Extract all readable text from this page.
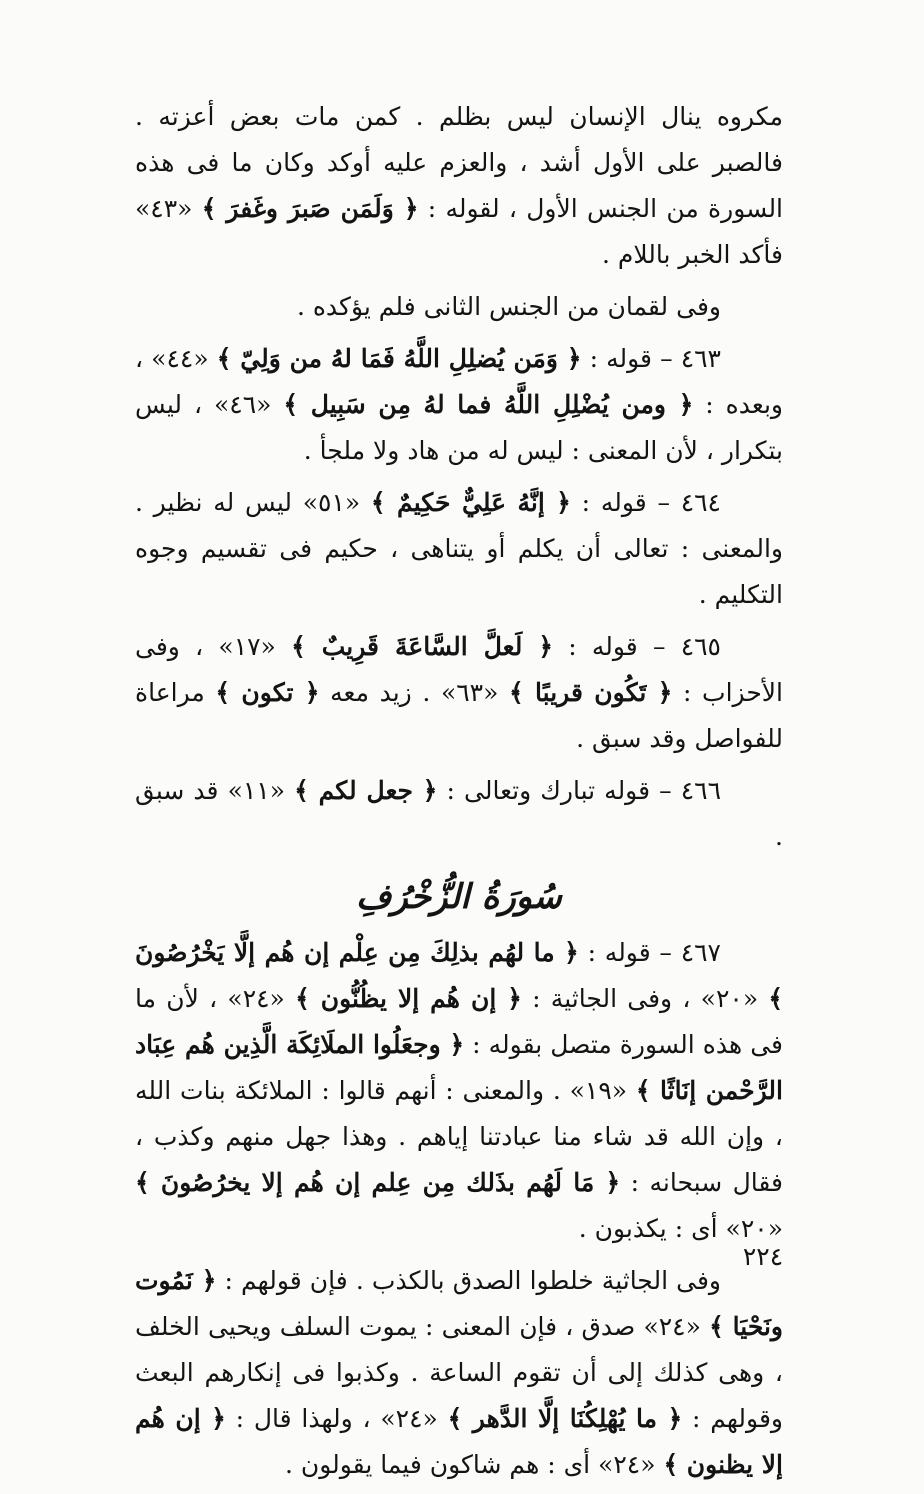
مكروه ينال الإنسان ليس بظلم . كمن مات بعض أعزته . فالصبر على الأول أشد ، والعزم عليه أوكد وكان ما فى هذه السورة من الجنس الأول ، لقوله : ﴿ وَلَمَن صَبرَ وغَفرَ ﴾ «٤٣» فأكد الخبر باللام .

وفى لقمان من الجنس الثانى فلم يؤكده .

٤٦٣ – قوله : ﴿ وَمَن يُضلِلِ اللَّهُ فَمَا لهُ من وَلِيّ ﴾ «٤٤» ، وبعده : ﴿ ومن يُضْلِلِ اللَّهُ فما لهُ مِن سَبِيل ﴾ «٤٦» ، ليس بتكرار ، لأن المعنى : ليس له من هاد ولا ملجأ .

٤٦٤ – قوله : ﴿ إنَّهُ عَلِيٌّ حَكِيمٌ ﴾ «٥١» ليس له نظير . والمعنى : تعالى أن يكلم أو يتناهى ، حكيم فى تقسيم وجوه التكليم .

٤٦٥ – قوله : ﴿ لَعلَّ السَّاعَةَ قَرِيبٌ ﴾ «١٧» ، وفى الأحزاب : ﴿ تَكُون قريبًا ﴾ «٦٣» . زيد معه ﴿ تكون ﴾ مراعاة للفواصل وقد سبق .

٤٦٦ – قوله تبارك وتعالى : ﴿ جعل لكم ﴾ «١١» قد سبق .

سُورَةُ الزُّخْرُفِ

٤٦٧ – قوله : ﴿ ما لهُم بذلِكَ مِن عِلْم إن هُم إلَّا يَخْرُصُونَ ﴾ «٢٠» ، وفى الجاثية : ﴿ إن هُم إلا يظُنُّون ﴾ «٢٤» ، لأن ما فى هذه السورة متصل بقوله : ﴿ وجعَلُوا الملَائِكَة الَّذِين هُم عِبَاد الرَّحْمن إنَاثًا ﴾ «١٩» . والمعنى : أنهم قالوا : الملائكة بنات الله ، وإن الله قد شاء منا عبادتنا إياهم . وهذا جهل منهم وكذب ، فقال سبحانه : ﴿ مَا لَهُم بذَلك مِن عِلم إن هُم إلا يخرُصُونَ ﴾ «٢٠» أى : يكذبون .

وفى الجاثية خلطوا الصدق بالكذب . فإن قولهم : ﴿ نَمُوت ونَحْيَا ﴾ «٢٤» صدق ، فإن المعنى : يموت السلف ويحيى الخلف ، وهى كذلك إلى أن تقوم الساعة . وكذبوا فى إنكارهم البعث وقولهم : ﴿ ما يُهْلِكُنَا إلَّا الدَّهر ﴾ «٢٤» ، ولهذا قال : ﴿ إن هُم إلا يظنون ﴾ «٢٤» أى : هم شاكون فيما يقولون .

٢٢٤
